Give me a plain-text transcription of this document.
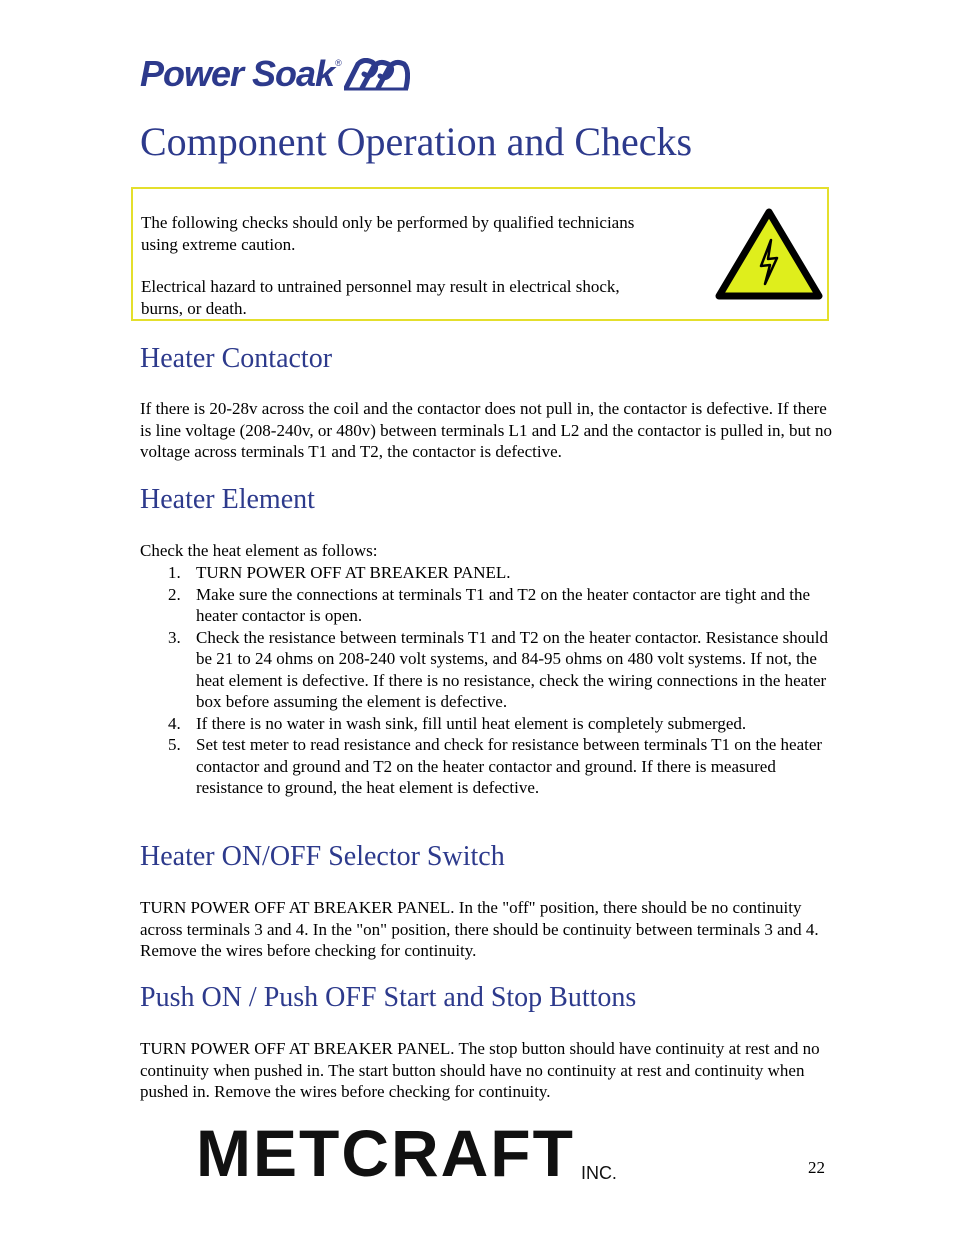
Power Soak ®
Component Operation and Checks

The following checks should only be performed by qualified technicians using extreme caution.

Electrical hazard to untrained personnel may result in electrical shock, burns, or death.

Heater Contactor

If there is 20-28v across the coil and the contactor does not pull in, the contactor is defective. If there is line voltage (208-240v, or 480v) between terminals L1 and L2 and the contactor is pulled in, but no voltage across terminals T1 and T2, the contactor is defective.

Heater Element

Check the heat element as follows:

1. TURN POWER OFF AT BREAKER PANEL.
2. Make sure the connections at terminals T1 and T2 on the heater contactor are tight and the heater contactor is open.
3. Check the resistance between terminals T1 and T2 on the heater contactor. Resistance should be 21 to 24 ohms on 208-240 volt systems, and 84-95 ohms on 480 volt systems. If not, the heat element is defective. If there is no resistance, check the wiring connections in the heater box before assuming the element is defective.
4. If there is no water in wash sink, fill until heat element is completely submerged.
5. Set test meter to read resistance and check for resistance between terminals T1 on the heater contactor and ground and T2 on the heater contactor and ground. If there is measured resistance to ground, the heat element is defective.
Heater ON/OFF Selector Switch

TURN POWER OFF AT BREAKER PANEL. In the "off" position, there should be no continuity across terminals 3 and 4. In the "on" position, there should be continuity between terminals 3 and 4. Remove the wires before checking for continuity.

Push ON / Push OFF Start and Stop Buttons

TURN POWER OFF AT BREAKER PANEL. The stop button should have continuity at rest and no continuity when pushed in. The start button should have no continuity at rest and continuity when pushed in. Remove the wires before checking for continuity.

METCRAFT INC.	22
